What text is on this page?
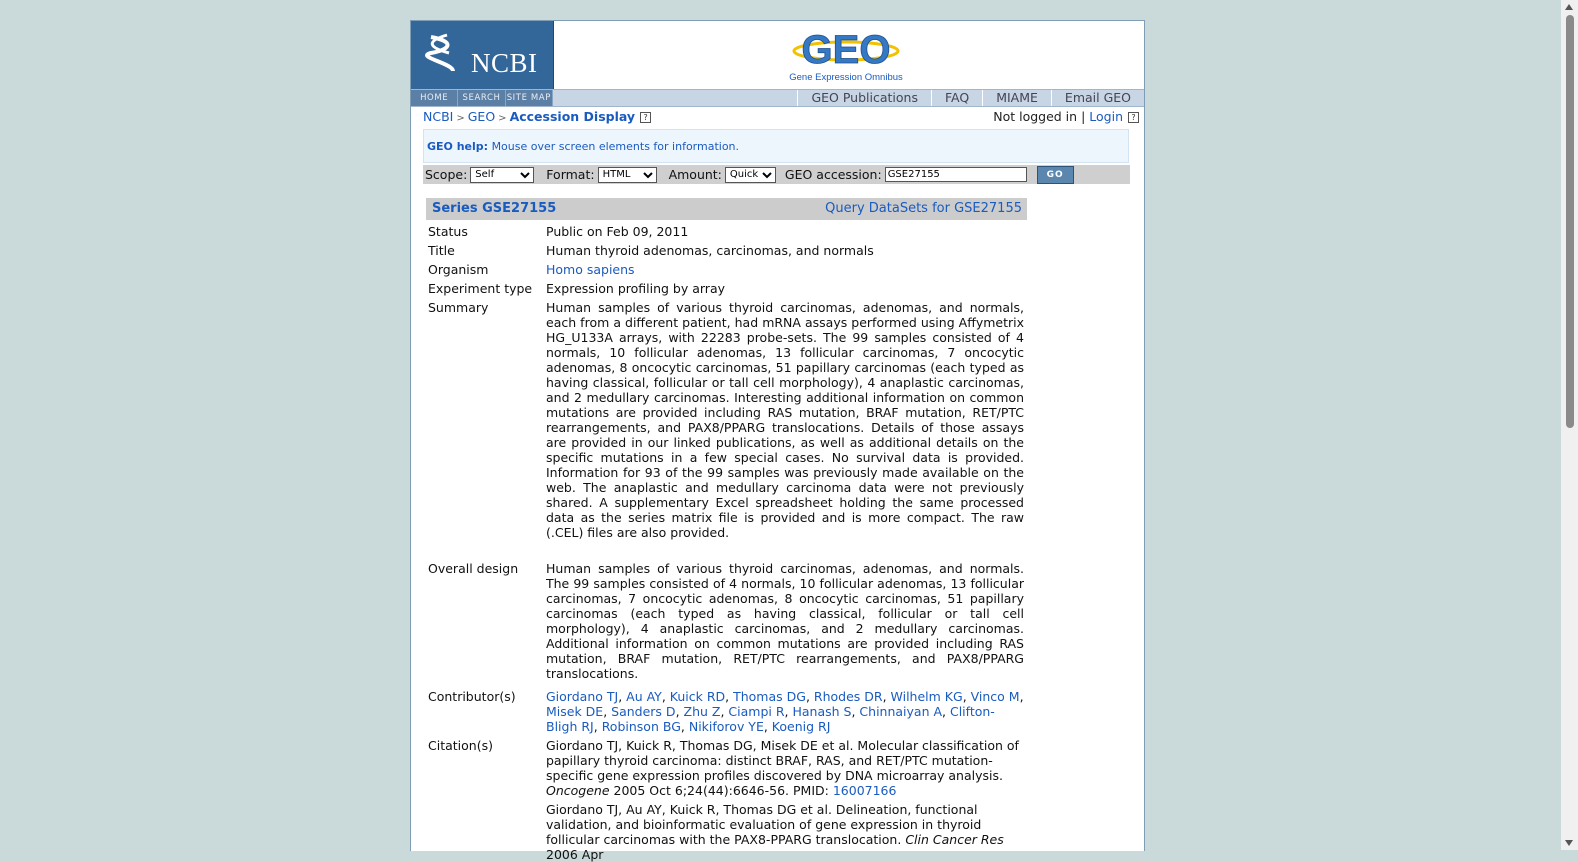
NCBI	GEO
Gene Expression Omnibus
HOME	SEARCH SITE MAP	GEO Publications	FAQ	MIAME	Email GEO
NCBI > GEO > Accession Display ?	Not logged in | Login ?
GEO help: Mouse over screen elements for information.
Scope:
Self	Format:
HTML	Amount:
Quick	GEO accession:
GSE27155	GO
Series GSE27155	Query DataSets for GSE27155
Status	Public on Feb 09, 2011
Title	Human thyroid adenomas, carcinomas, and normals
Organism	Homo sapiens
Experiment type	Expression profiling by array
Summary	Human samples of various thyroid carcinomas, adenomas, and normals, each from a different patient, had mRNA assays performed using Affymetrix HG_U133A arrays, with 22283 probe-sets. The 99 samples consisted of 4 normals, 10 follicular adenomas, 13 follicular carcinomas, 7 oncocytic adenomas, 8 oncocytic carcinomas, 51 papillary carcinomas (each typed as having classical, follicular or tall cell morphology), 4 anaplastic carcinomas, and 2 medullary carcinomas. Interesting additional information on common mutations are provided including RAS mutation, BRAF mutation, RET/PTC rearrangements, and PAX8/PPARG translocations. Details of those assays are provided in our linked publications, as well as additional details on the specific mutations in a few special cases. No survival data is provided. Information for 93 of the 99 samples was previously made available on the web. The anaplastic and medullary carcinoma data were not previously shared. A supplementary Excel spreadsheet holding the same processed data as the series matrix file is provided and is more compact. The raw (.CEL) files are also provided.
Overall design	Human samples of various thyroid carcinomas, adenomas, and normals. The 99 samples consisted of 4 normals, 10 follicular adenomas, 13 follicular carcinomas, 7 oncocytic adenomas, 8 oncocytic carcinomas, 51 papillary carcinomas (each typed as having classical, follicular or tall cell morphology), 4 anaplastic carcinomas, and 2 medullary carcinomas. Additional information on common mutations are provided including RAS mutation, BRAF mutation, RET/PTC rearrangements, and PAX8/PPARG translocations.
Contributor(s)	Giordano TJ, Au AY, Kuick RD, Thomas DG, Rhodes DR, Wilhelm KG, Vinco M, Misek DE, Sanders D, Zhu Z, Ciampi R, Hanash S, Chinnaiyan A, Clifton-Bligh RJ, Robinson BG, Nikiforov YE, Koenig RJ
Citation(s)	Giordano TJ, Kuick R, Thomas DG, Misek DE et al. Molecular classification of papillary thyroid carcinoma: distinct BRAF, RAS, and RET/PTC mutation-specific gene expression profiles discovered by DNA microarray analysis. Oncogene 2005 Oct 6;24(44):6646-56. PMID: 16007166
Giordano TJ, Au AY, Kuick R, Thomas DG et al. Delineation, functional validation, and bioinformatic evaluation of gene expression in thyroid follicular carcinomas with the PAX8-PPARG translocation. Clin Cancer Res 2006 Apr
